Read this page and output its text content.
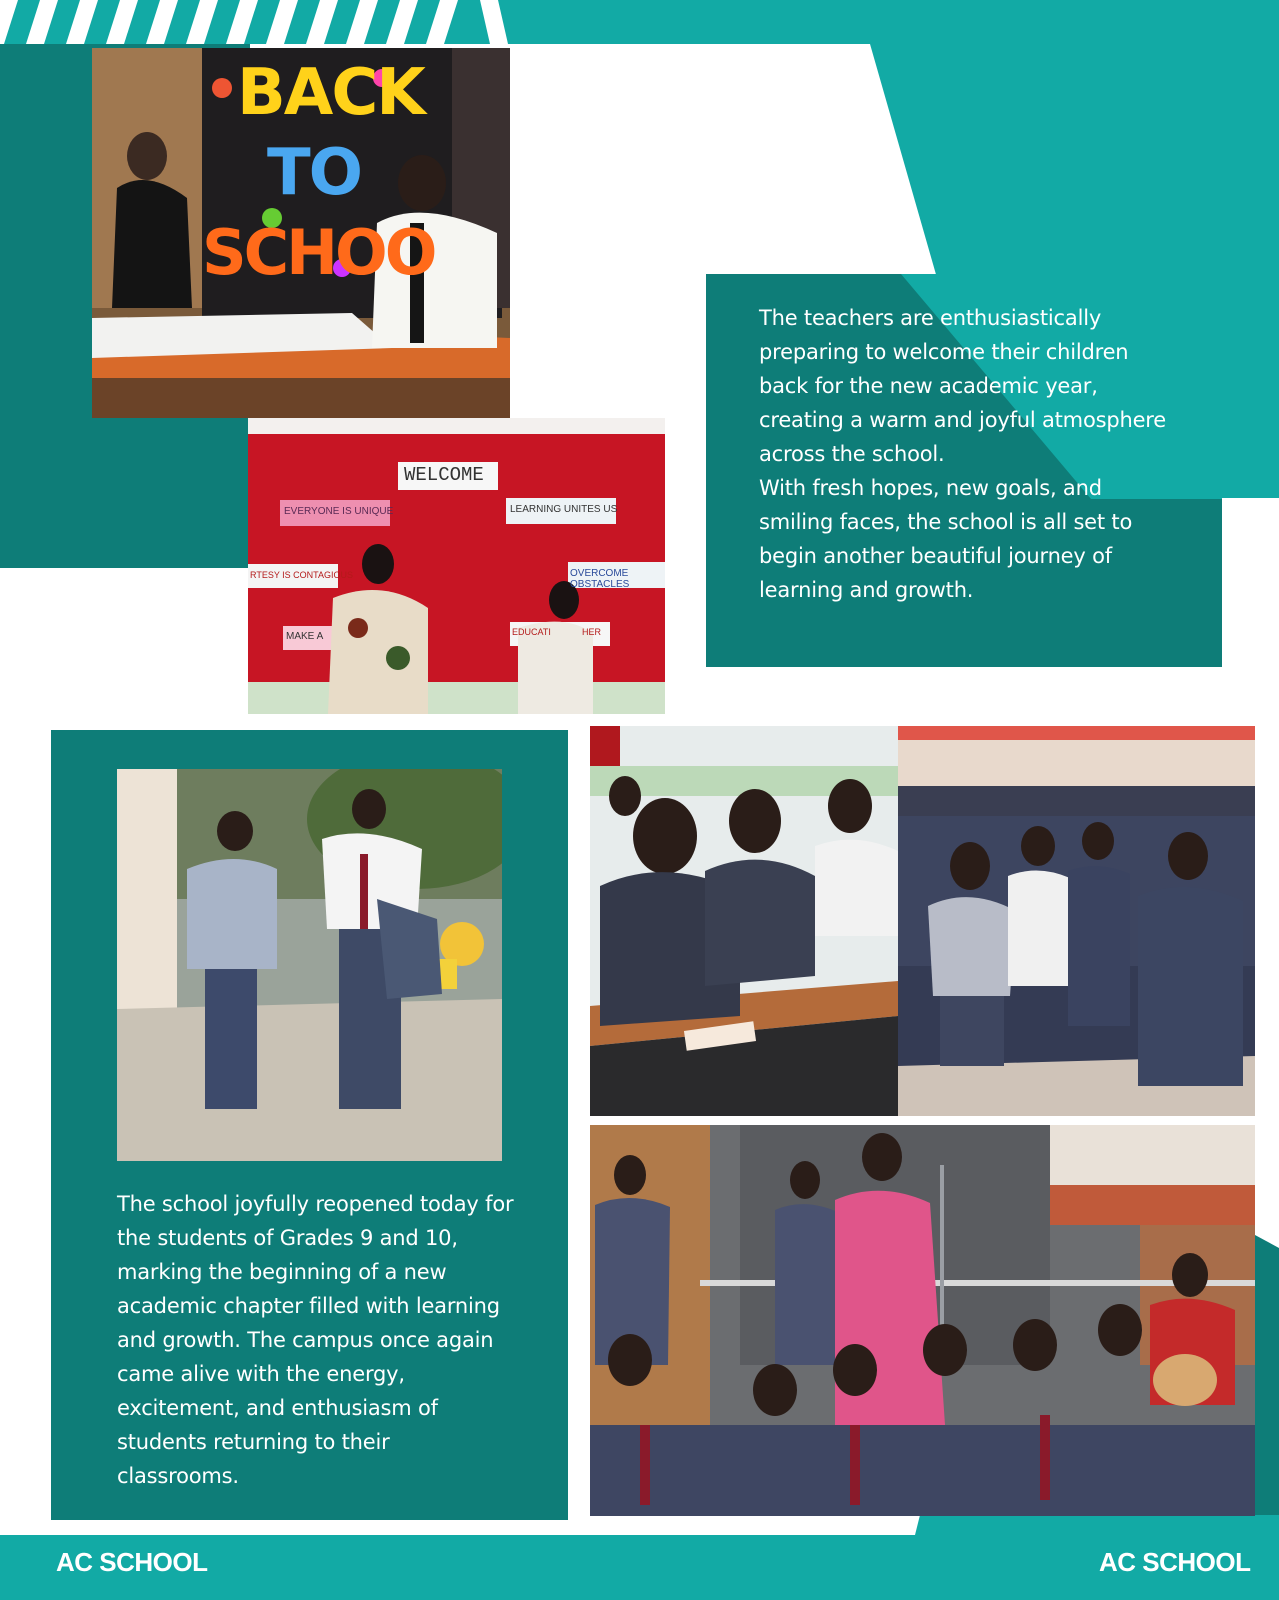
BACK
TO
SCHOO
WELCOME
EVERYONE IS UNIQUE	LEARNING UNITES US
RTESY IS CONTAGIOUS	OVERCOME OBSTACLES
MAKE A	EDUCATI	HER

The teachers are enthusiastically preparing to welcome their children back for the new academic year, creating a warm and joyful atmosphere across the school.

With fresh hopes, new goals, and smiling faces, the school is all set to begin another beautiful journey of learning and growth.

The school joyfully reopened today for the students of Grades 9 and 10, marking the beginning of a new academic chapter filled with learning and growth. The campus once again came alive with the energy, excitement, and enthusiasm of students returning to their classrooms.
AC SCHOOL	AC SCHOOL
